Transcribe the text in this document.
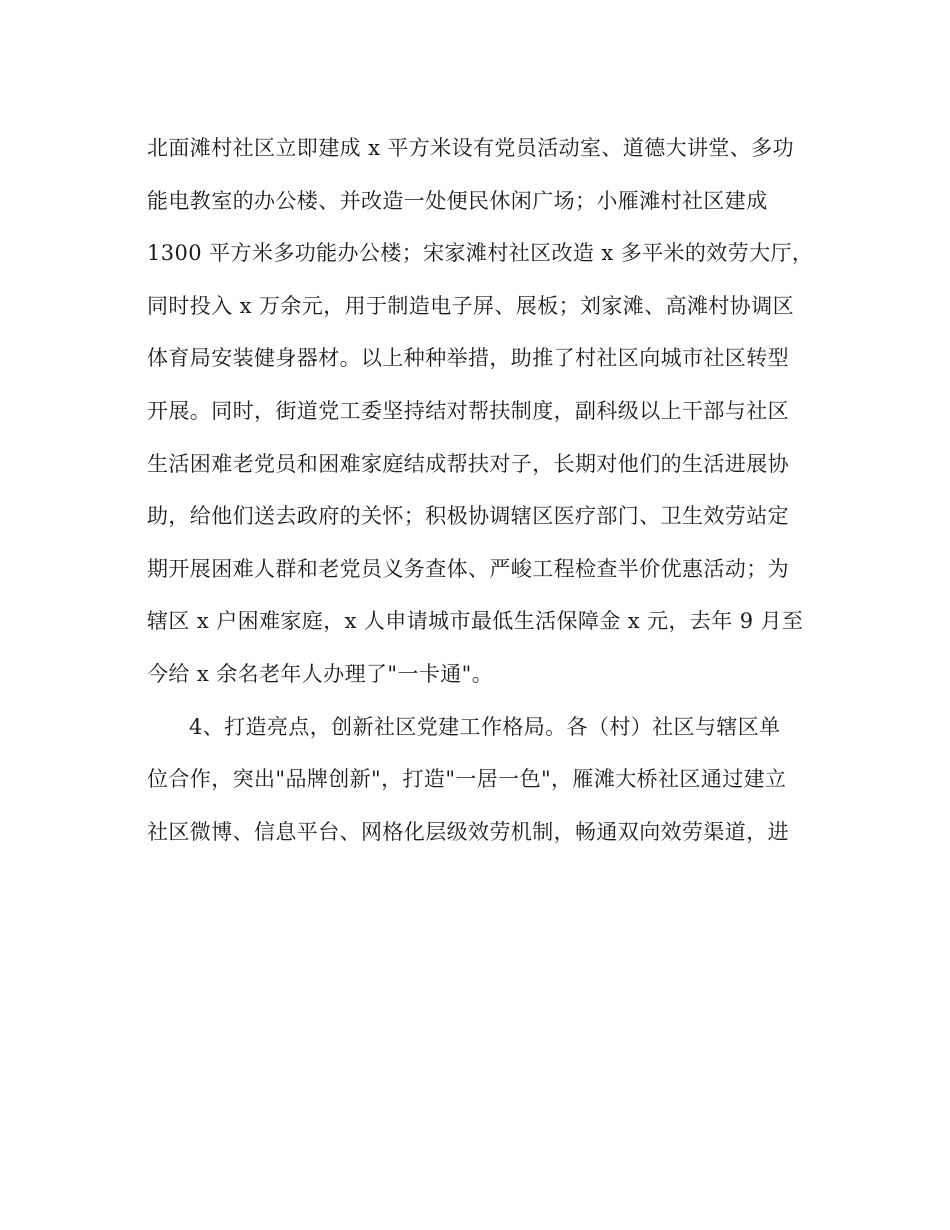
北面滩村社区立即建成 x 平方米设有党员活动室、道德大讲堂、多功
能电教室的办公楼、并改造一处便民休闲广场；小雁滩村社区建成
1300 平方米多功能办公楼；宋家滩村社区改造 x 多平米的效劳大厅，
同时投入 x 万余元，用于制造电子屏、展板；刘家滩、高滩村协调区
体育局安装健身器材。以上种种举措，助推了村社区向城市社区转型
开展。同时，街道党工委坚持结对帮扶制度，副科级以上干部与社区
生活困难老党员和困难家庭结成帮扶对子，长期对他们的生活进展协
助，给他们送去政府的关怀；积极协调辖区医疗部门、卫生效劳站定
期开展困难人群和老党员义务查体、严峻工程检查半价优惠活动；为
辖区 x 户困难家庭，x 人申请城市最低生活保障金 x 元，去年 9 月至
今给 x 余名老年人办理了"一卡通"。
4、打造亮点，创新社区党建工作格局。各（村）社区与辖区单
位合作，突出"品牌创新"，打造"一居一色"，雁滩大桥社区通过建立
社区微博、信息平台、网格化层级效劳机制，畅通双向效劳渠道，进
